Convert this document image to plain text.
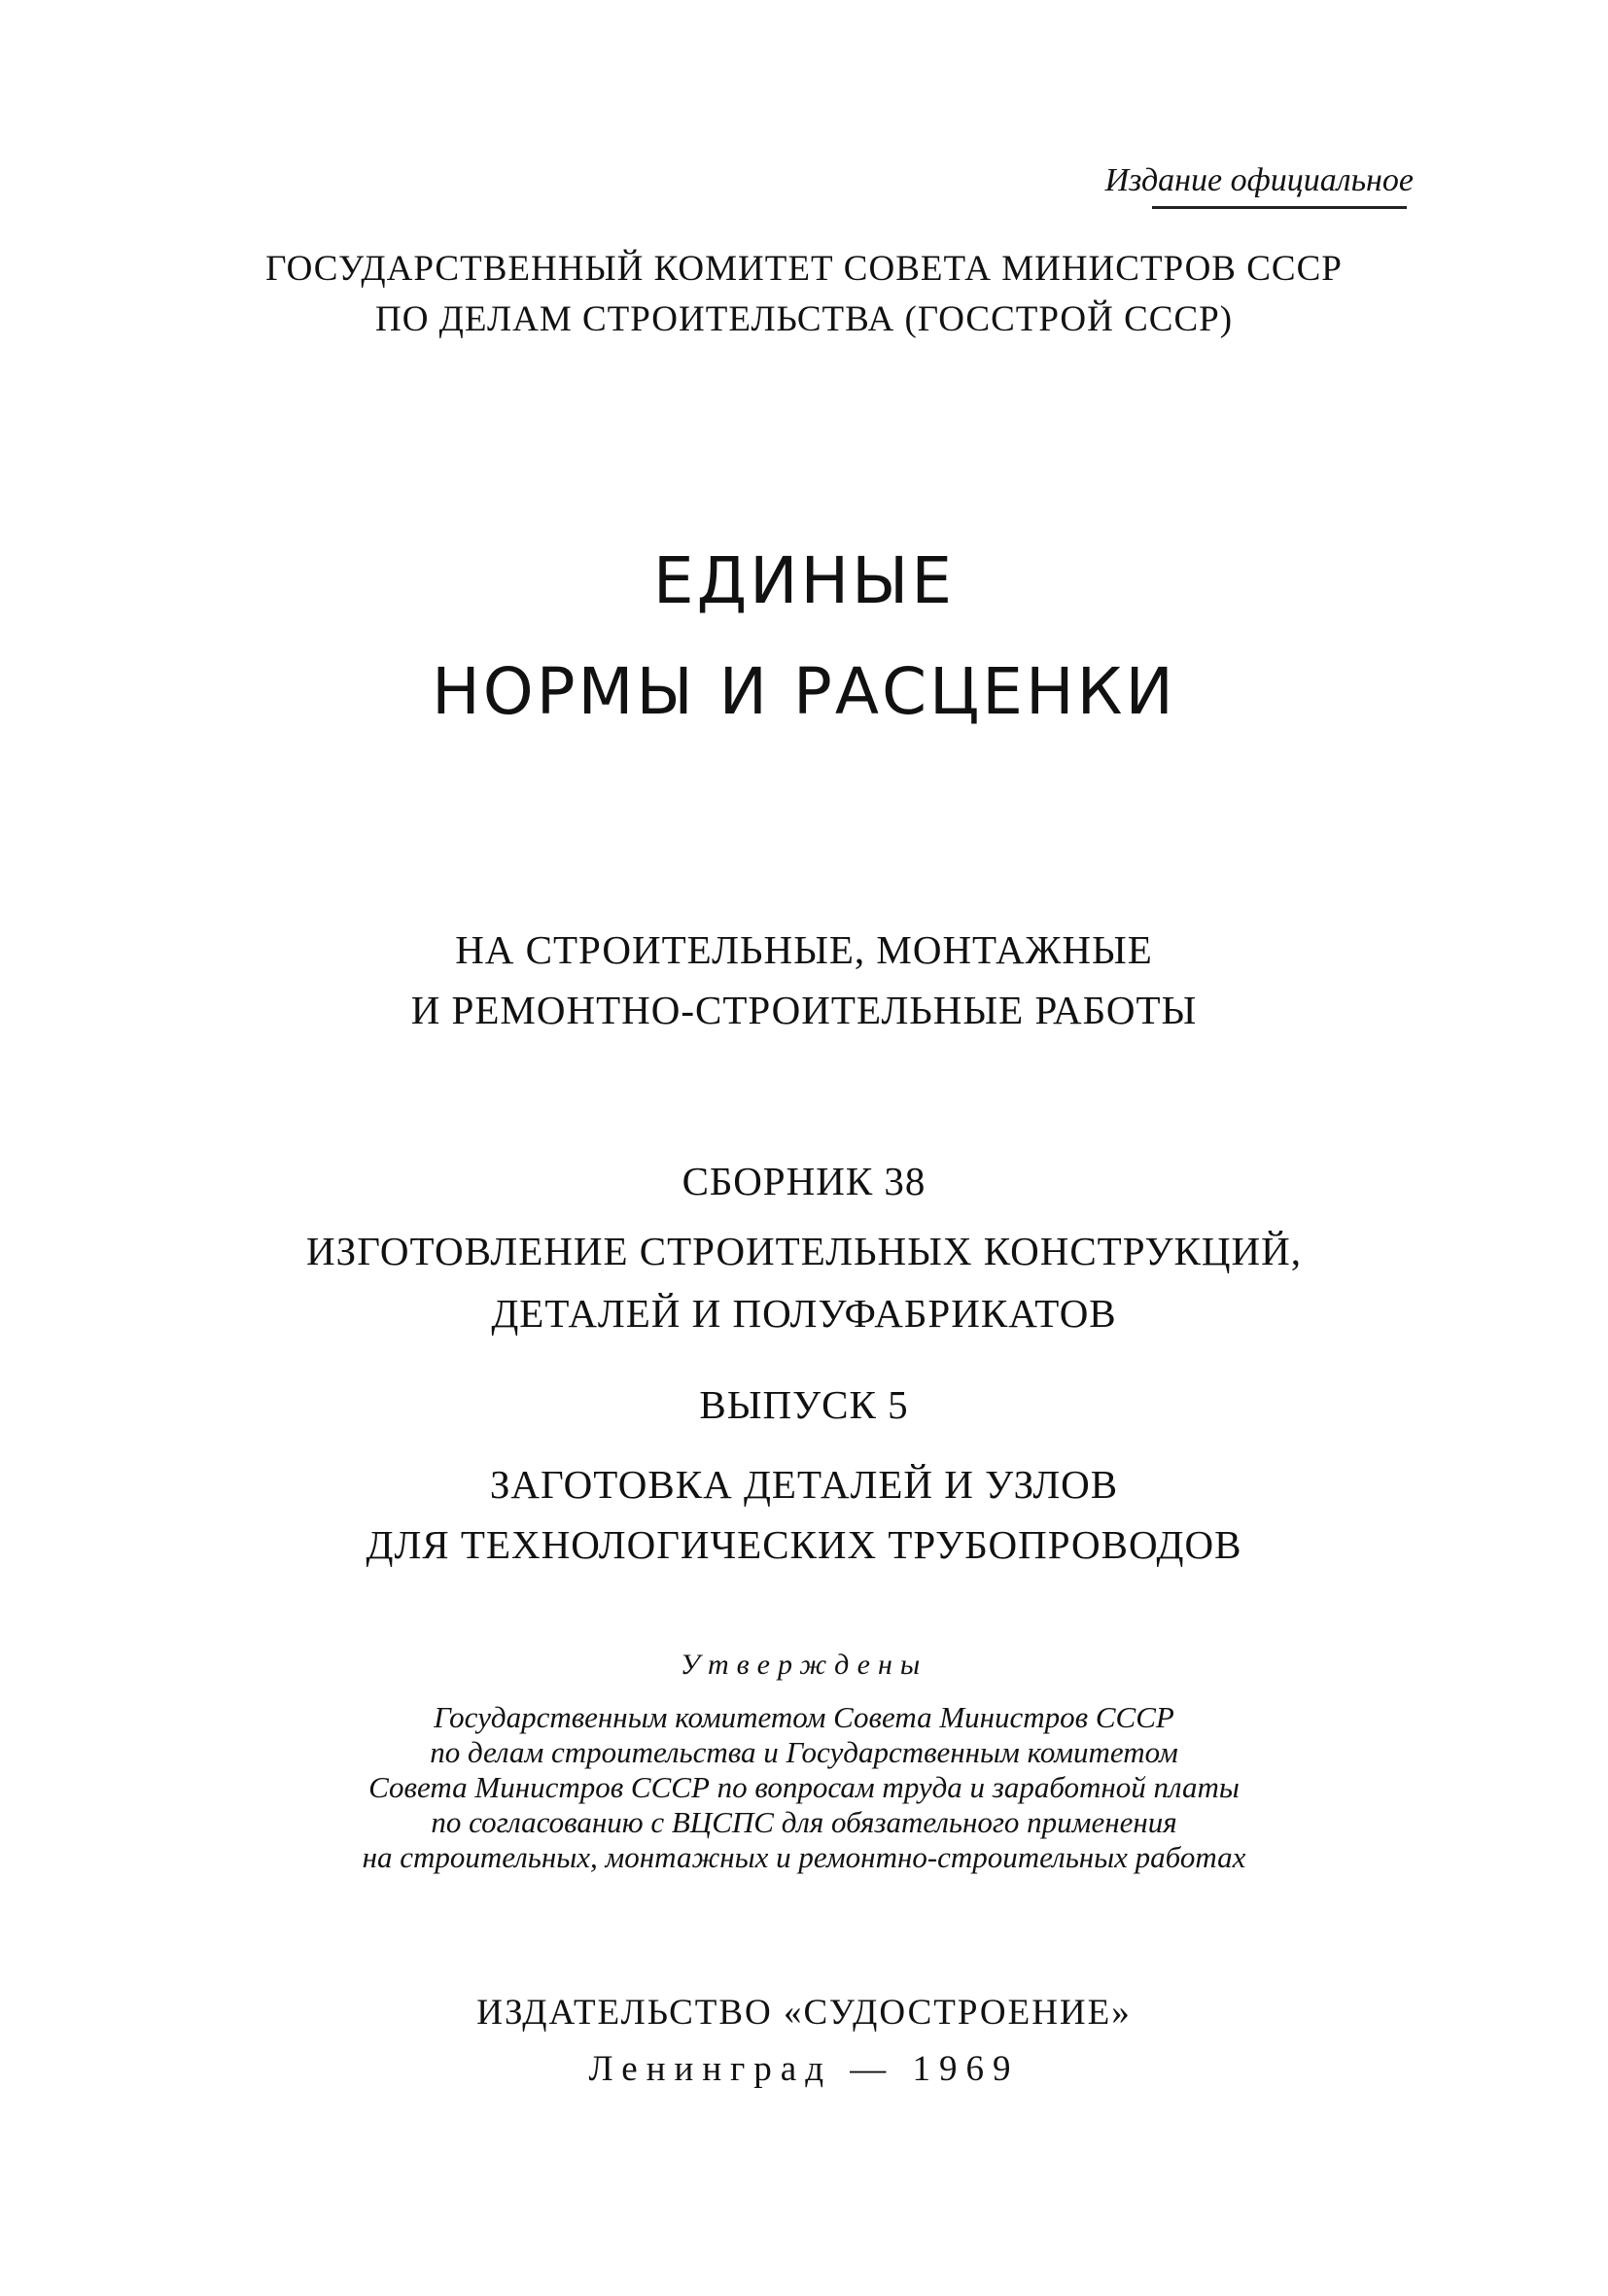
Издание официальное

ГОСУДАРСТВЕННЫЙ КОМИТЕТ СОВЕТА МИНИСТРОВ СССР

ПО ДЕЛАМ СТРОИТЕЛЬСТВА (ГОССТРОЙ СССР)

ЕДИНЫЕ

НОРМЫ И РАСЦЕНКИ

НА СТРОИТЕЛЬНЫЕ, МОНТАЖНЫЕ

И РЕМОНТНО-СТРОИТЕЛЬНЫЕ РАБОТЫ

СБОРНИК 38

ИЗГОТОВЛЕНИЕ СТРОИТЕЛЬНЫХ КОНСТРУКЦИЙ,

ДЕТАЛЕЙ И ПОЛУФАБРИКАТОВ

ВЫПУСК 5

ЗАГОТОВКА ДЕТАЛЕЙ И УЗЛОВ

ДЛЯ ТЕХНОЛОГИЧЕСКИХ ТРУБОПРОВОДОВ

Утверждены

Государственным комитетом Совета Министров СССР

по делам строительства и Государственным комитетом

Совета Министров СССР по вопросам труда и заработной платы

по согласованию с ВЦСПС для обязательного применения

на строительных, монтажных и ремонтно-строительных работах

ИЗДАТЕЛЬСТВО «СУДОСТРОЕНИЕ»

Ленинград — 1969
